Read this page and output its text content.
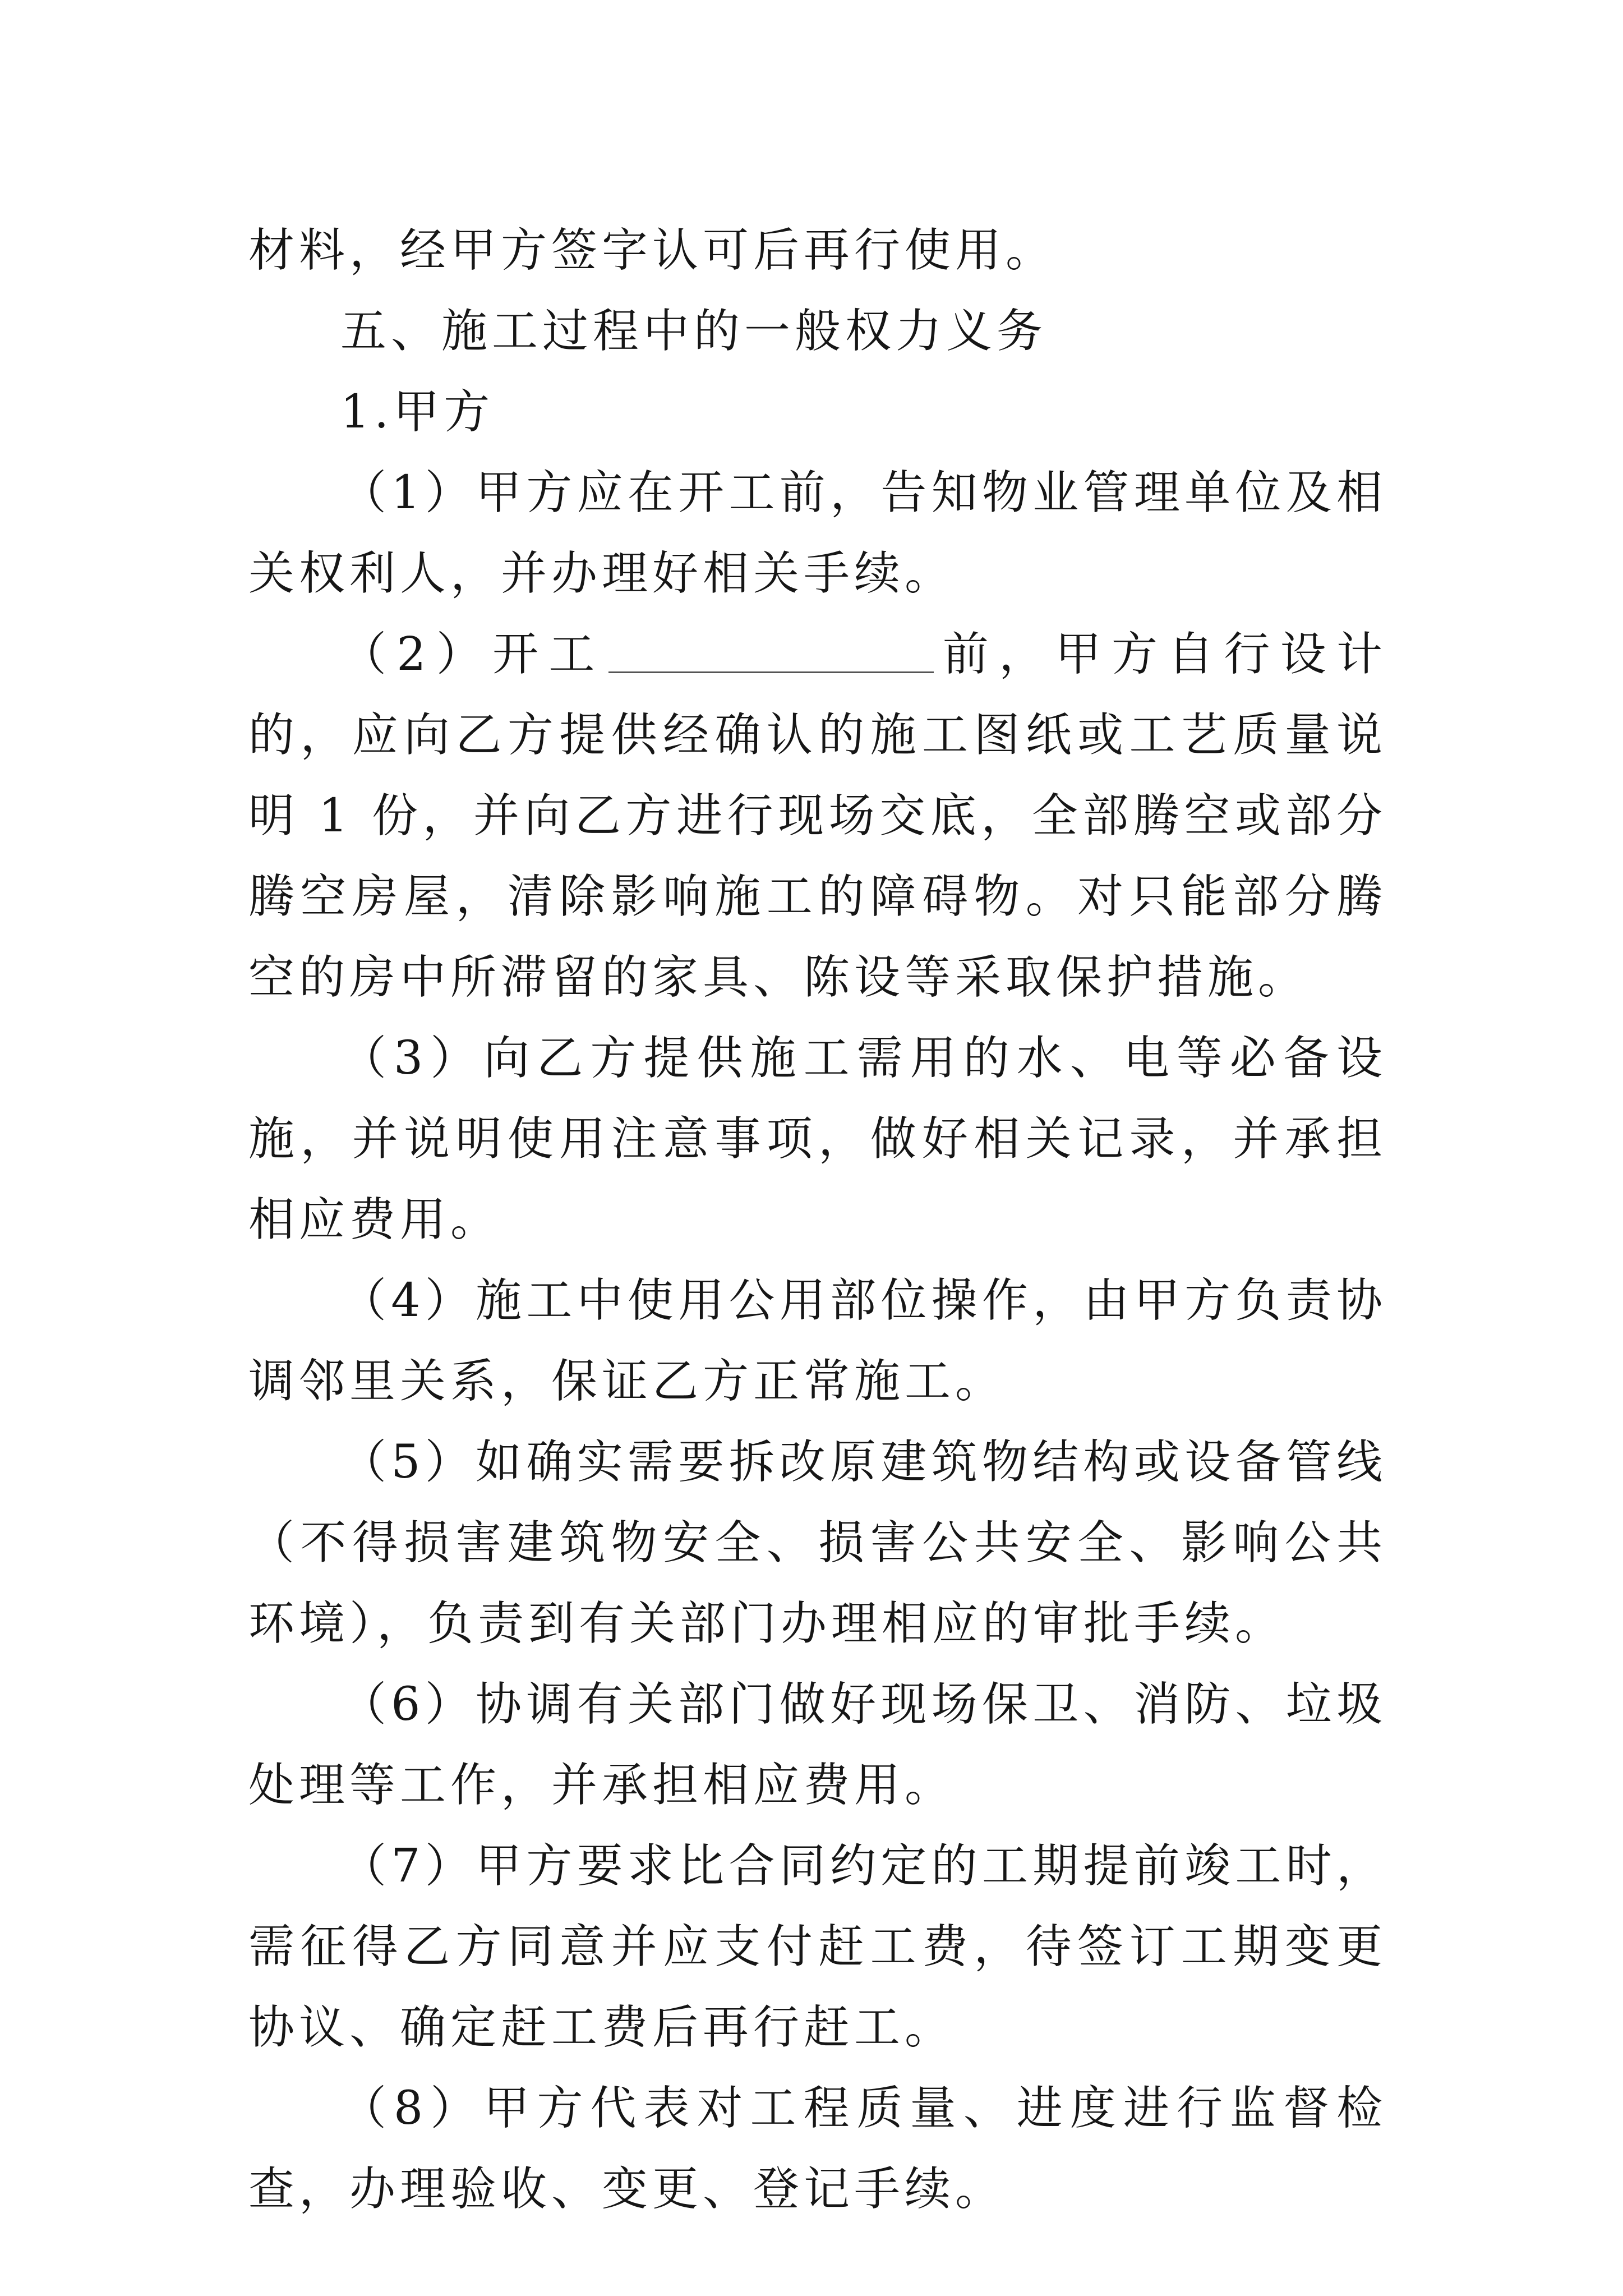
材料，经甲方签字认可后再行使用。

五、施工过程中的一般权力义务

1.甲方

（1）甲方应在开工前，告知物业管理单位及相关权利人，并办理好相关手续。

（2）开工	前，甲方自行设计的，应向乙方提供经确认的施工图纸或工艺质量说明 1 份，并向乙方进行现场交底，全部腾空或部分腾空房屋，清除影响施工的障碍物。对只能部分腾空的房中所滞留的家具、陈设等采取保护措施。

（3）向乙方提供施工需用的水、电等必备设施，并说明使用注意事项，做好相关记录，并承担相应费用。

（4）施工中使用公用部位操作，由甲方负责协调邻里关系，保证乙方正常施工。

（5）如确实需要拆改原建筑物结构或设备管线（不得损害建筑物安全、损害公共安全、影响公共环境），负责到有关部门办理相应的审批手续。

（6）协调有关部门做好现场保卫、消防、垃圾处理等工作，并承担相应费用。

（7）甲方要求比合同约定的工期提前竣工时，需征得乙方同意并应支付赶工费，待签订工期变更协议、确定赶工费后再行赶工。

（8）甲方代表对工程质量、进度进行监督检查，办理验收、变更、登记手续。
